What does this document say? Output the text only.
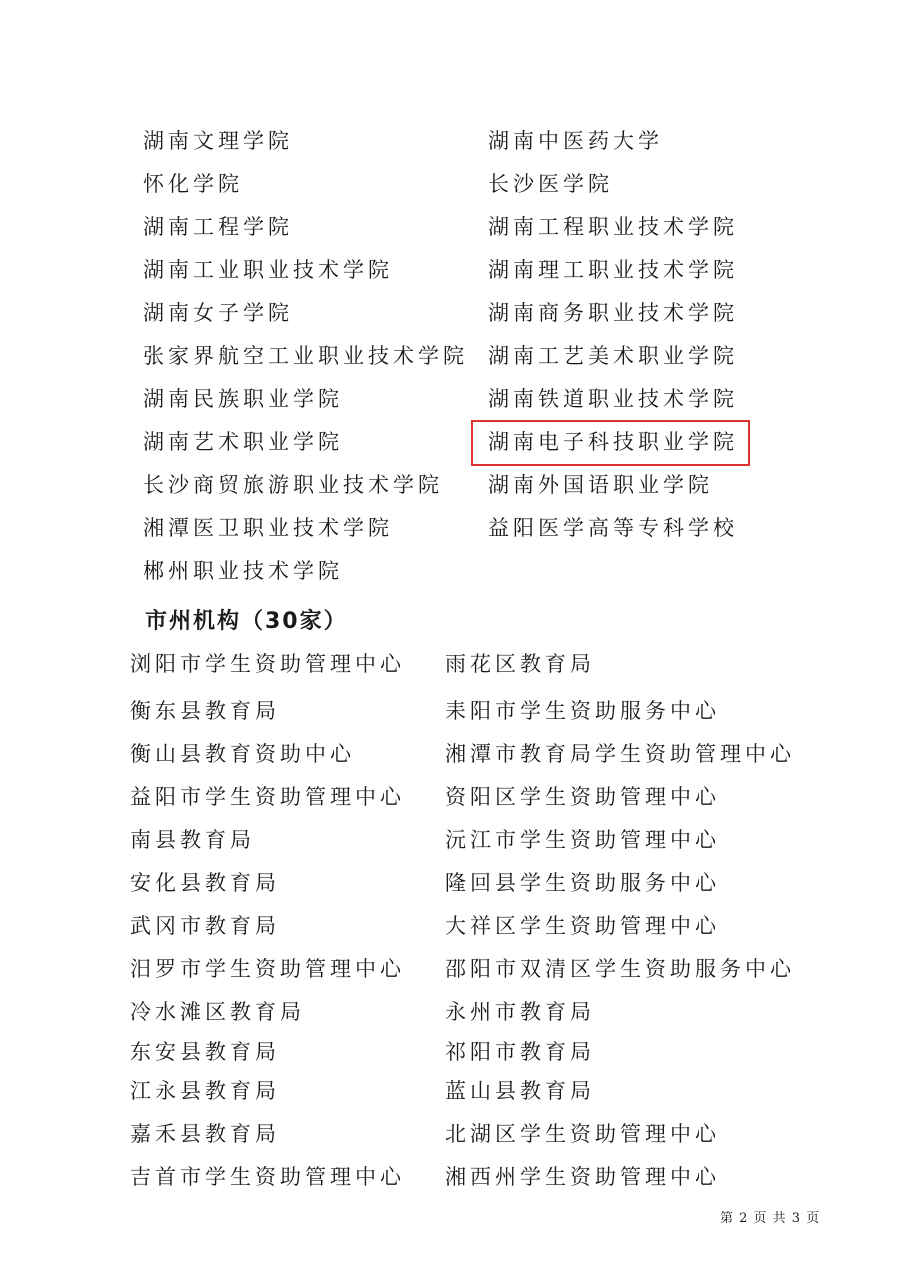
湖南文理学院
怀化学院
湖南工程学院
湖南工业职业技术学院
湖南女子学院
张家界航空工业职业技术学院
湖南民族职业学院
湖南艺术职业学院
长沙商贸旅游职业技术学院
湘潭医卫职业技术学院
郴州职业技术学院
湖南中医药大学
长沙医学院
湖南工程职业技术学院
湖南理工职业技术学院
湖南商务职业技术学院
湖南工艺美术职业学院
湖南铁道职业技术学院
湖南电子科技职业学院
湖南外国语职业学院
益阳医学高等专科学校
市州机构（30家）
浏阳市学生资助管理中心
衡东县教育局
衡山县教育资助中心
益阳市学生资助管理中心
南县教育局
安化县教育局
武冈市教育局
汨罗市学生资助管理中心
冷水滩区教育局
东安县教育局
江永县教育局
嘉禾县教育局
吉首市学生资助管理中心
雨花区教育局
耒阳市学生资助服务中心
湘潭市教育局学生资助管理中心
资阳区学生资助管理中心
沅江市学生资助管理中心
隆回县学生资助服务中心
大祥区学生资助管理中心
邵阳市双清区学生资助服务中心
永州市教育局
祁阳市教育局
蓝山县教育局
北湖区学生资助管理中心
湘西州学生资助管理中心
第 2 页 共 3 页
